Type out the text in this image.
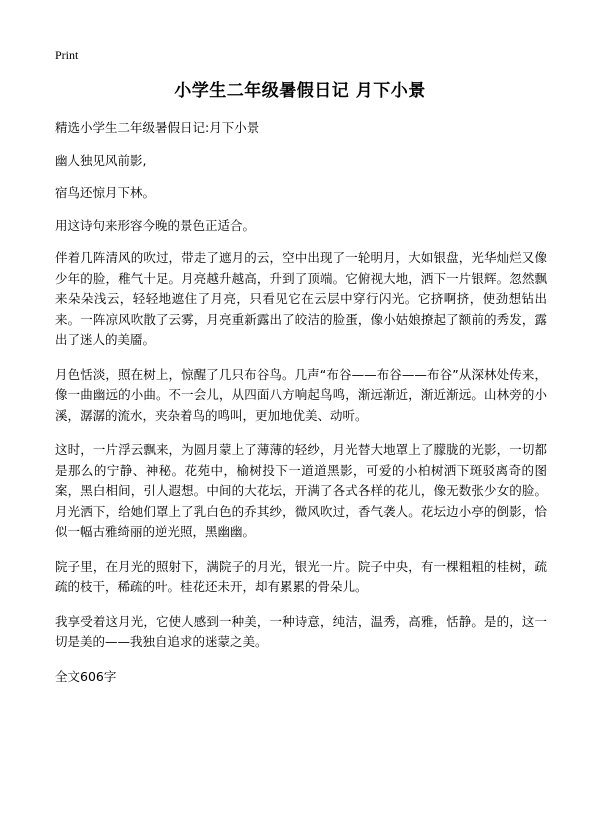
Print
小学生二年级暑假日记 月下小景

精选小学生二年级暑假日记:月下小景

幽人独见风前影,

宿鸟还惊月下林。

用这诗句来形容今晚的景色正适合。

伴着几阵清风的吹过，带走了遮月的云，空中出现了一轮明月，大如银盘，光华灿烂又像少年的脸，稚气十足。月亮越升越高，升到了顶端。它俯视大地，洒下一片银辉。忽然飘来朵朵浅云，轻轻地遮住了月亮，只看见它在云层中穿行闪光。它挤啊挤，使劲想钻出来。一阵凉风吹散了云雾，月亮重新露出了皎洁的脸蛋，像小姑娘撩起了额前的秀发，露出了迷人的美靥。

月色恬淡，照在树上，惊醒了几只布谷鸟。几声“布谷——布谷——布谷”从深林处传来，像一曲幽远的小曲。不一会儿，从四面八方响起鸟鸣，渐远渐近，渐近渐远。山林旁的小溪，潺潺的流水，夹杂着鸟的鸣叫，更加地优美、动听。

这时，一片浮云飘来，为圆月蒙上了薄薄的轻纱，月光替大地罩上了朦胧的光影，一切都是那么的宁静、神秘。花苑中，榆树投下一道道黑影，可爱的小柏树洒下斑驳离奇的图案，黑白相间，引人遐想。中间的大花坛，开满了各式各样的花儿，像无数张少女的脸。月光洒下，给她们罩上了乳白色的乔其纱，微风吹过，香气袭人。花坛边小亭的倒影，恰似一幅古雅绮丽的逆光照，黑幽幽。

院子里，在月光的照射下，满院子的月光，银光一片。院子中央，有一棵粗粗的桂树，疏疏的枝干，稀疏的叶。桂花还未开，却有累累的骨朵儿。

我享受着这月光，它使人感到一种美，一种诗意，纯洁，温秀，高雅，恬静。是的，这一切是美的——我独自追求的迷蒙之美。

全文606字
